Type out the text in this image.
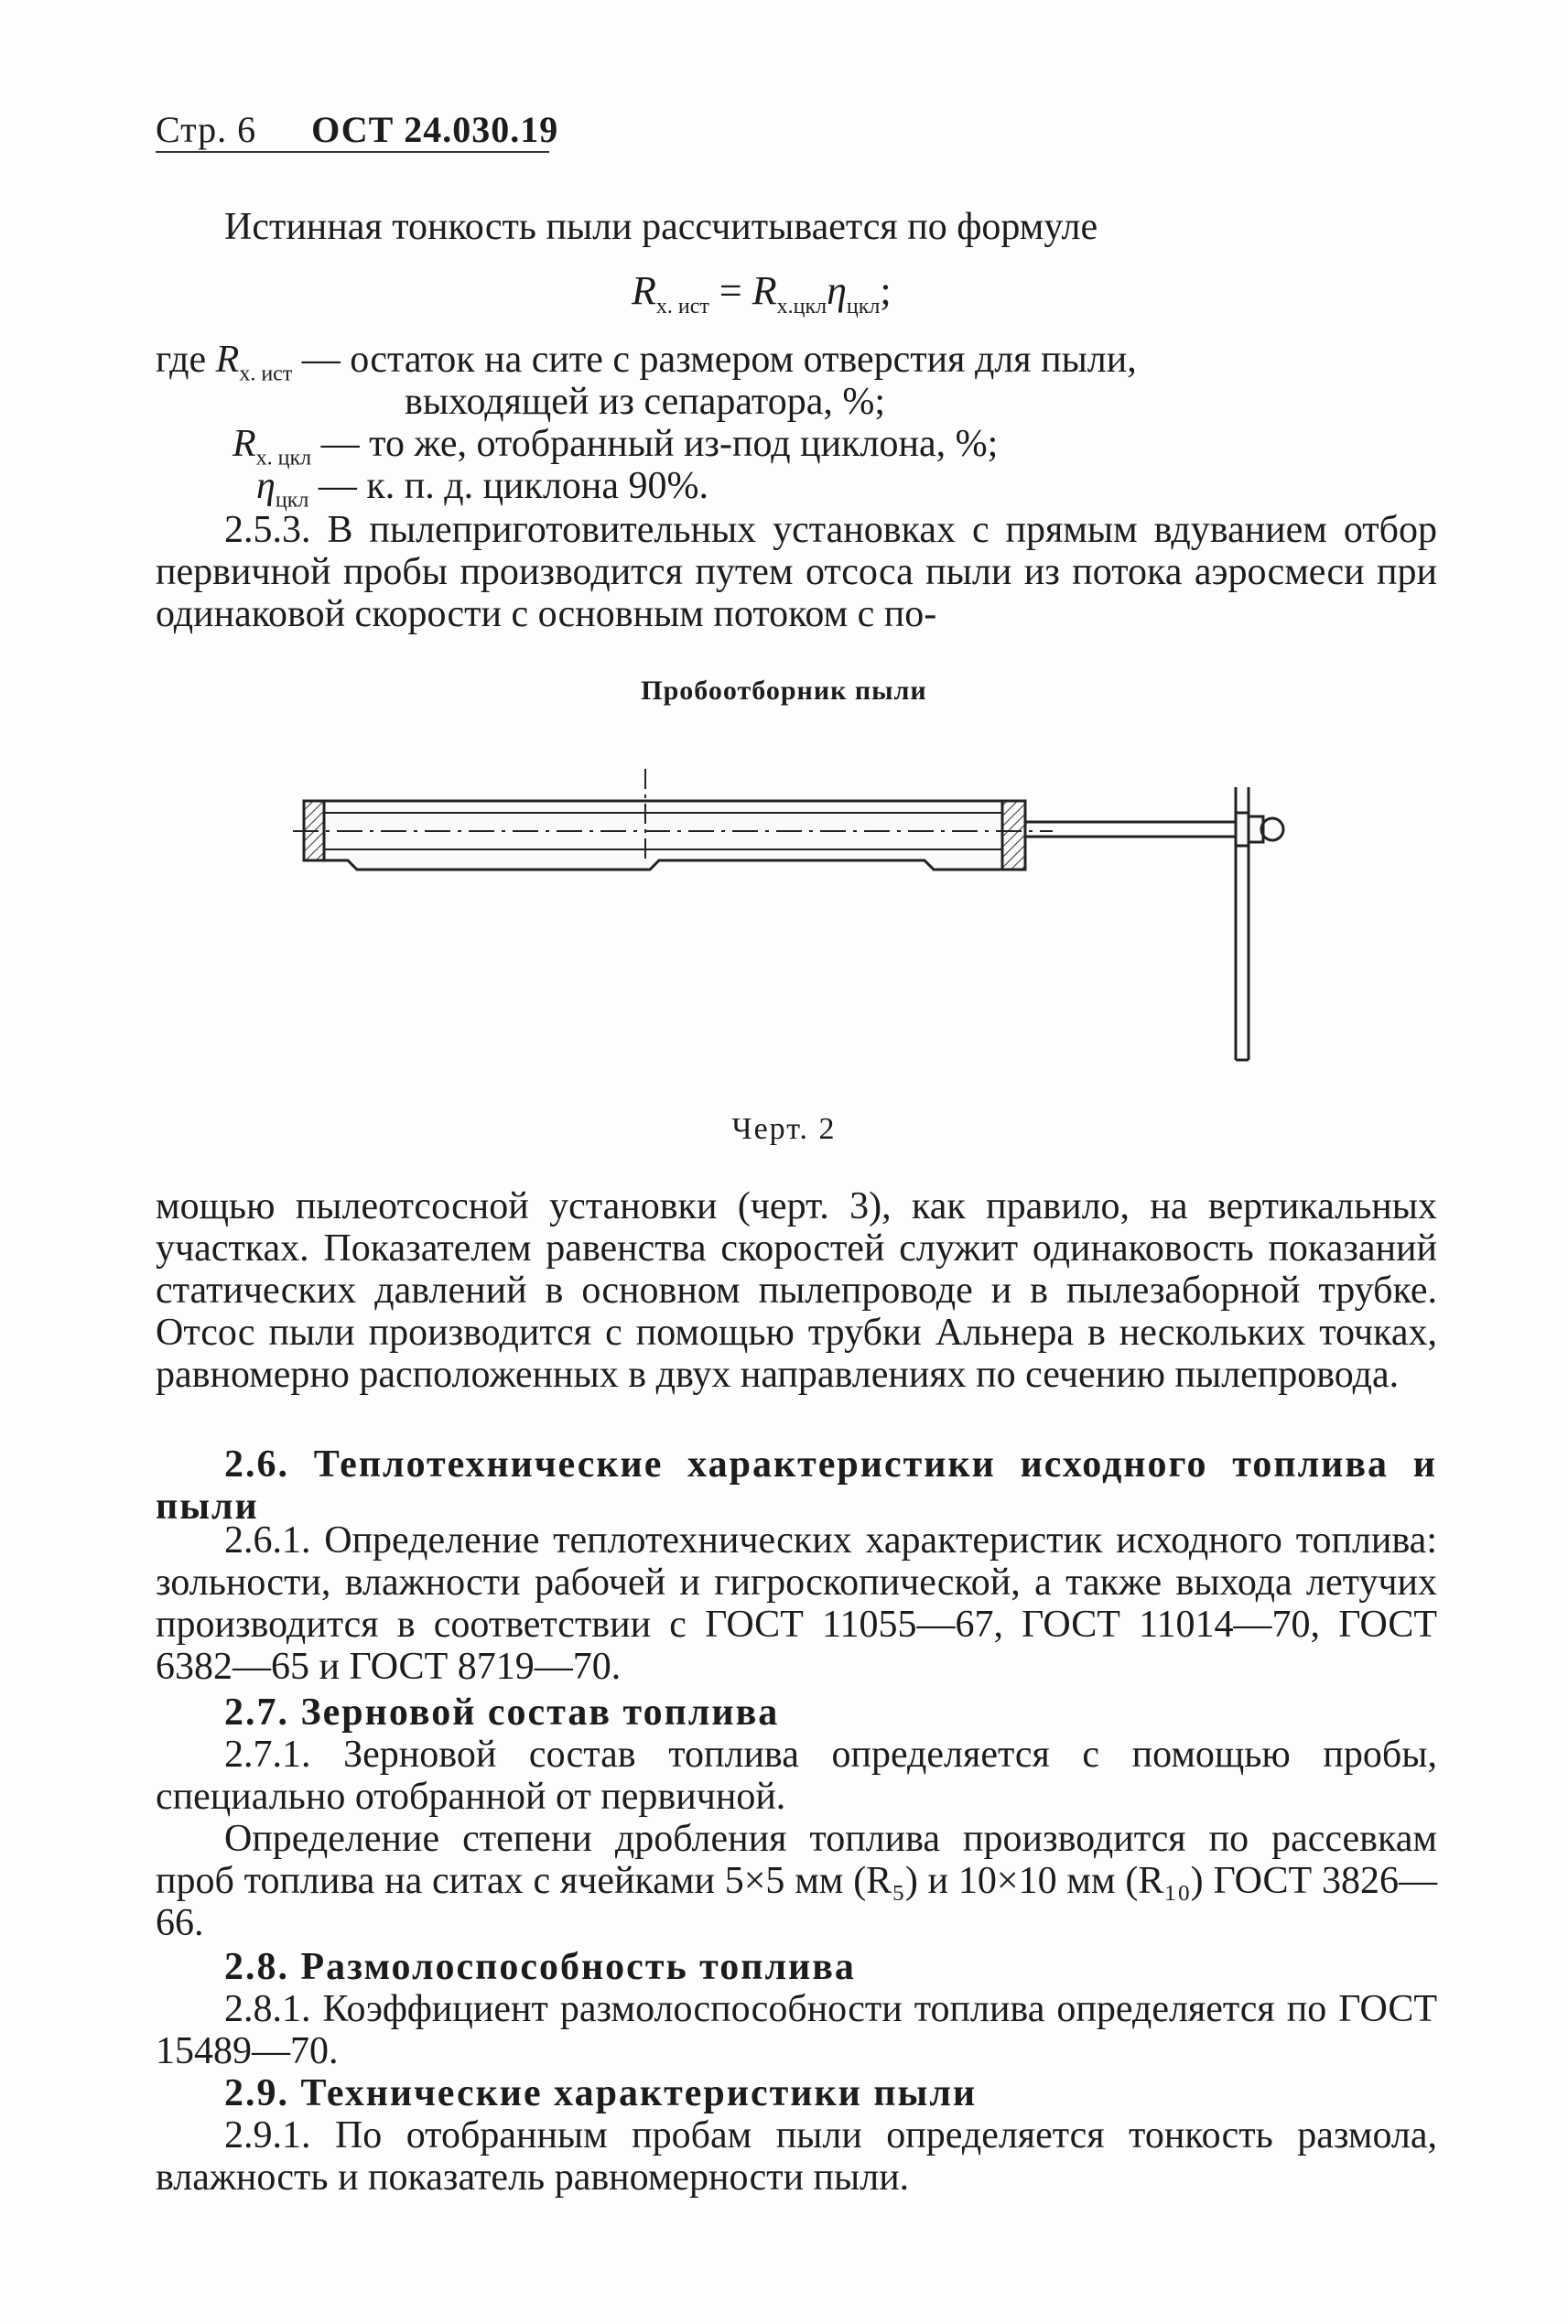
Стр. 6 ОСТ 24.030.19
Истинная тонкость пыли рассчитывается по формуле
$R_{х. ист} = R_{х.цкл}\eta_{цкл}$;
где $R_{х. ист}$ — остаток на сите с размером отверстия для пыли,
выходящей из сепаратора, %;
$R_{х. цкл}$ — то же, отобранный из-под циклона, %;
$\eta_{цкл}$ — к. п. д. циклона 90%.

2.5.3. В пылеприготовительных установках с прямым вдуванием отбор первичной пробы производится путем отсоса пыли из потока аэросмеси при одинаковой скорости с основным потоком с по-

Пробоотборник пыли
Черт. 2

мощью пылеотсосной установки (черт. 3), как правило, на вертикальных участках. Показателем равенства скоростей служит одинаковость показаний статических давлений в основном пылепроводе и в пылезаборной трубке. Отсос пыли производится с помощью трубки Альнера в нескольких точках, равномерно расположенных в двух направлениях по сечению пылепровода.

2.6. Теплотехнические характеристики исходного топлива и пыли

2.6.1. Определение теплотехнических характеристик исходного топлива: зольности, влажности рабочей и гигроскопической, а также выхода летучих производится в соответствии с ГОСТ 11055—67, ГОСТ 11014—70, ГОСТ 6382—65 и ГОСТ 8719—70.

2.7. Зерновой состав топлива

2.7.1. Зерновой состав топлива определяется с помощью пробы, специально отобранной от первичной.

Определение степени дробления топлива производится по рассевкам проб топлива на ситах с ячейками 5×5 мм (R₅) и 10×10 мм (R₁₀) ГОСТ 3826—66.

2.8. Размолоспособность топлива

2.8.1. Коэффициент размолоспособности топлива определяется по ГОСТ 15489—70.

2.9. Технические характеристики пыли

2.9.1. По отобранным пробам пыли определяется тонкость размола, влажность и показатель равномерности пыли.
